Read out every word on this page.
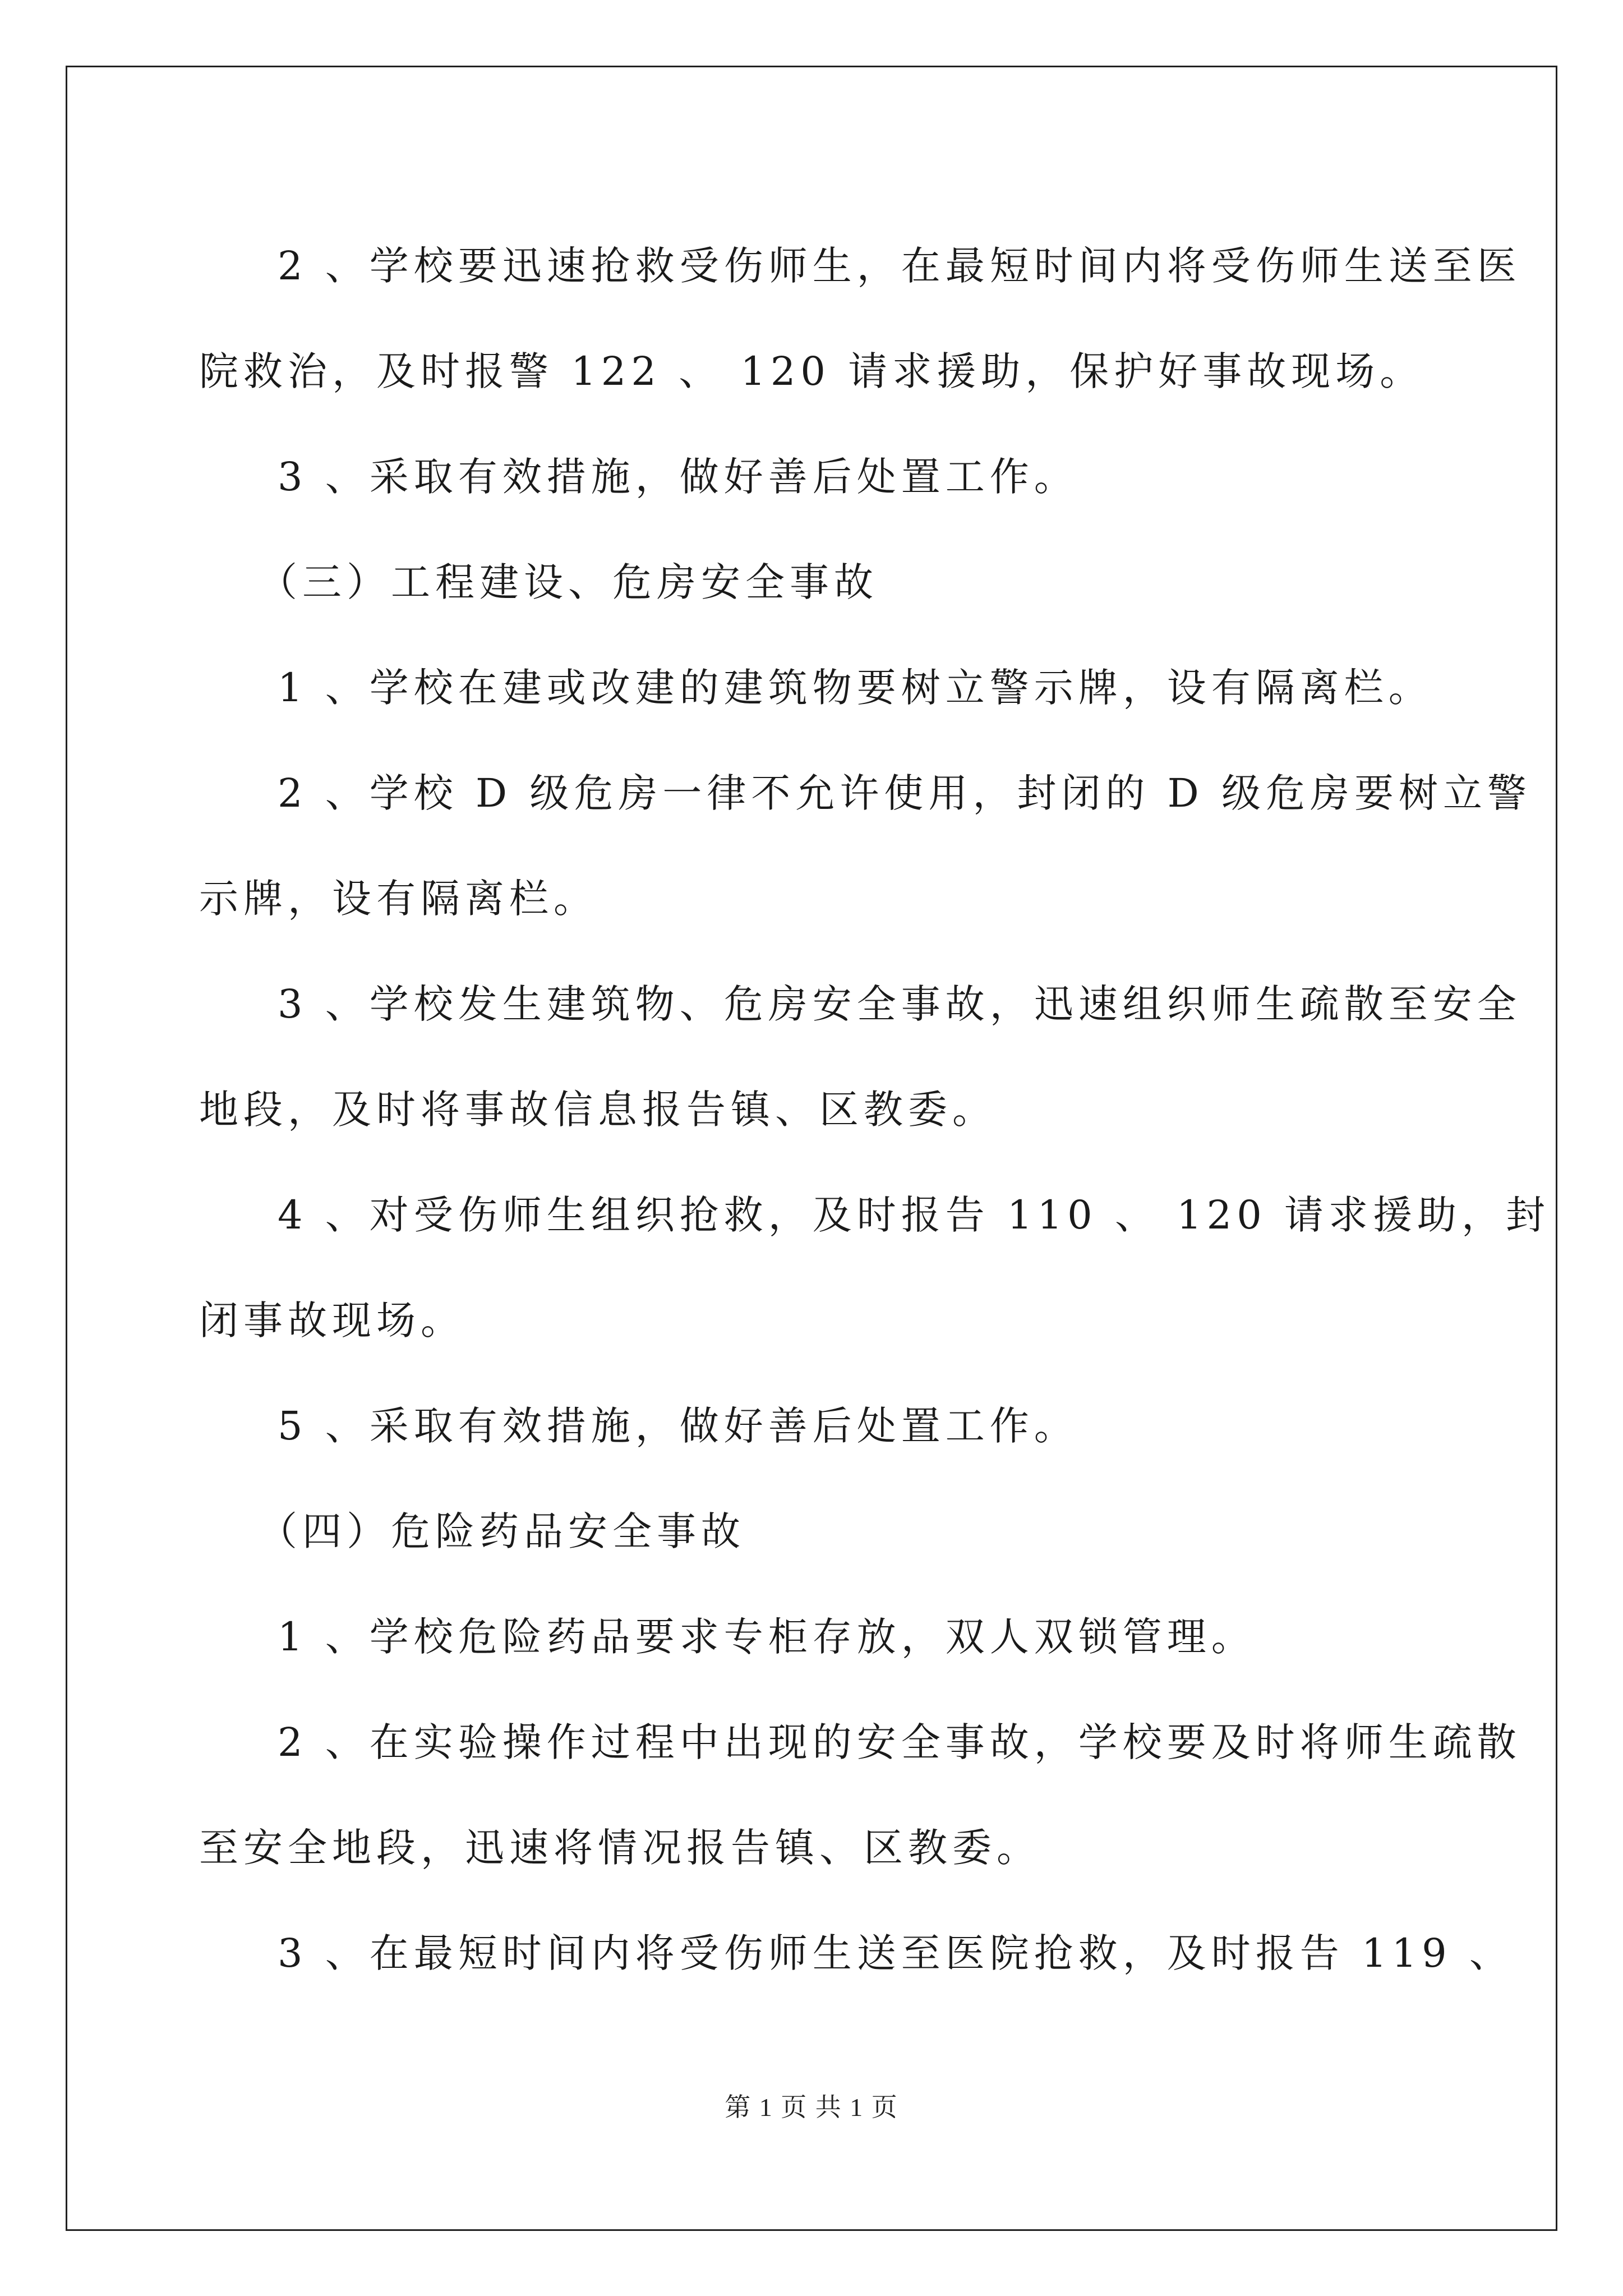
2 、学校要迅速抢救受伤师生，在最短时间内将受伤师生送至医

院救治，及时报警 122 、 120 请求援助，保护好事故现场。

3 、采取有效措施，做好善后处置工作。

（三）工程建设、危房安全事故

1 、学校在建或改建的建筑物要树立警示牌，设有隔离栏。

2 、学校 D 级危房一律不允许使用，封闭的 D 级危房要树立警

示牌，设有隔离栏。

3 、学校发生建筑物、危房安全事故，迅速组织师生疏散至安全

地段，及时将事故信息报告镇、区教委。

4 、对受伤师生组织抢救，及时报告 110 、 120 请求援助，封

闭事故现场。

5 、采取有效措施，做好善后处置工作。

（四）危险药品安全事故

1 、学校危险药品要求专柜存放，双人双锁管理。

2 、在实验操作过程中出现的安全事故，学校要及时将师生疏散

至安全地段，迅速将情况报告镇、区教委。

3 、在最短时间内将受伤师生送至医院抢救，及时报告 119 、

第 1 页 共 1 页
